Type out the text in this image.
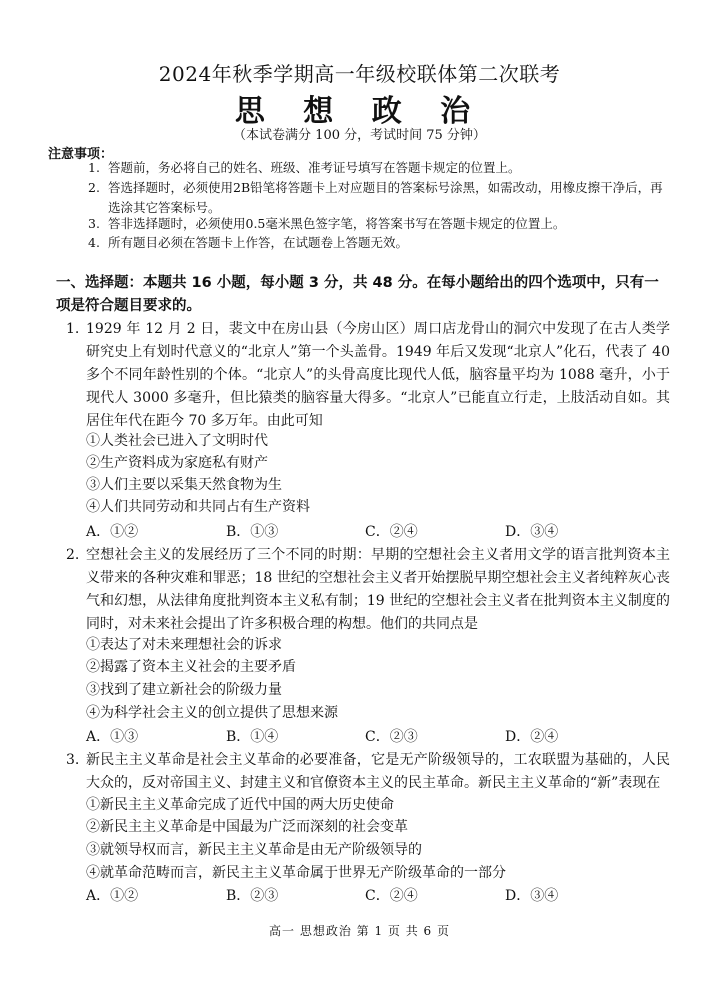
2024年秋季学期高一年级校联体第二次联考
思 想 政 治
（本试卷满分 100 分，考试时间 75 分钟）
注意事项：
1. 答题前，务必将自己的姓名、班级、准考证号填写在答题卡规定的位置上。
2. 答选择题时，必须使用2B铅笔将答题卡上对应题目的答案标号涂黑，如需改动，用橡皮擦干净后，再选涂其它答案标号。
3. 答非选择题时，必须使用0.5毫米黑色签字笔，将答案书写在答题卡规定的位置上。
4. 所有题目必须在答题卡上作答，在试题卷上答题无效。
一、选择题：本题共 16 小题，每小题 3 分，共 48 分。在每小题给出的四个选项中，只有一项是符合题目要求的。
1. 1929 年 12 月 2 日，裴文中在房山县（今房山区）周口店龙骨山的洞穴中发现了在古人类学研究史上有划时代意义的“北京人”第一个头盖骨。1949 年后又发现“北京人”化石，代表了 40 多个不同年龄性别的个体。“北京人”的头骨高度比现代人低，脑容量平均为 1088 毫升，小于现代人 3000 多毫升，但比猿类的脑容量大得多。“北京人”已能直立行走，上肢活动自如。其居住年代在距今 70 多万年。由此可知
①人类社会已进入了文明时代
②生产资料成为家庭私有财产
③人们主要以采集天然食物为生
④人们共同劳动和共同占有生产资料
A．①②	B．①③	C．②④	D．③④
2. 空想社会主义的发展经历了三个不同的时期：早期的空想社会主义者用文学的语言批判资本主义带来的各种灾难和罪恶；18 世纪的空想社会主义者开始摆脱早期空想社会主义者纯粹灰心丧气和幻想，从法律角度批判资本主义私有制；19 世纪的空想社会主义者在批判资本主义制度的同时，对未来社会提出了许多积极合理的构想。他们的共同点是
①表达了对未来理想社会的诉求
②揭露了资本主义社会的主要矛盾
③找到了建立新社会的阶级力量
④为科学社会主义的创立提供了思想来源
A．①③	B．①④	C．②③	D．②④
3. 新民主主义革命是社会主义革命的必要准备，它是无产阶级领导的，工农联盟为基础的，人民大众的，反对帝国主义、封建主义和官僚资本主义的民主革命。新民主主义革命的“新”表现在
①新民主主义革命完成了近代中国的两大历史使命
②新民主主义革命是中国最为广泛而深刻的社会变革
③就领导权而言，新民主主义革命是由无产阶级领导的
④就革命范畴而言，新民主主义革命属于世界无产阶级革命的一部分
A．①②	B．②③	C．②④	D．③④
高一 思想政治 第 1 页 共 6 页
